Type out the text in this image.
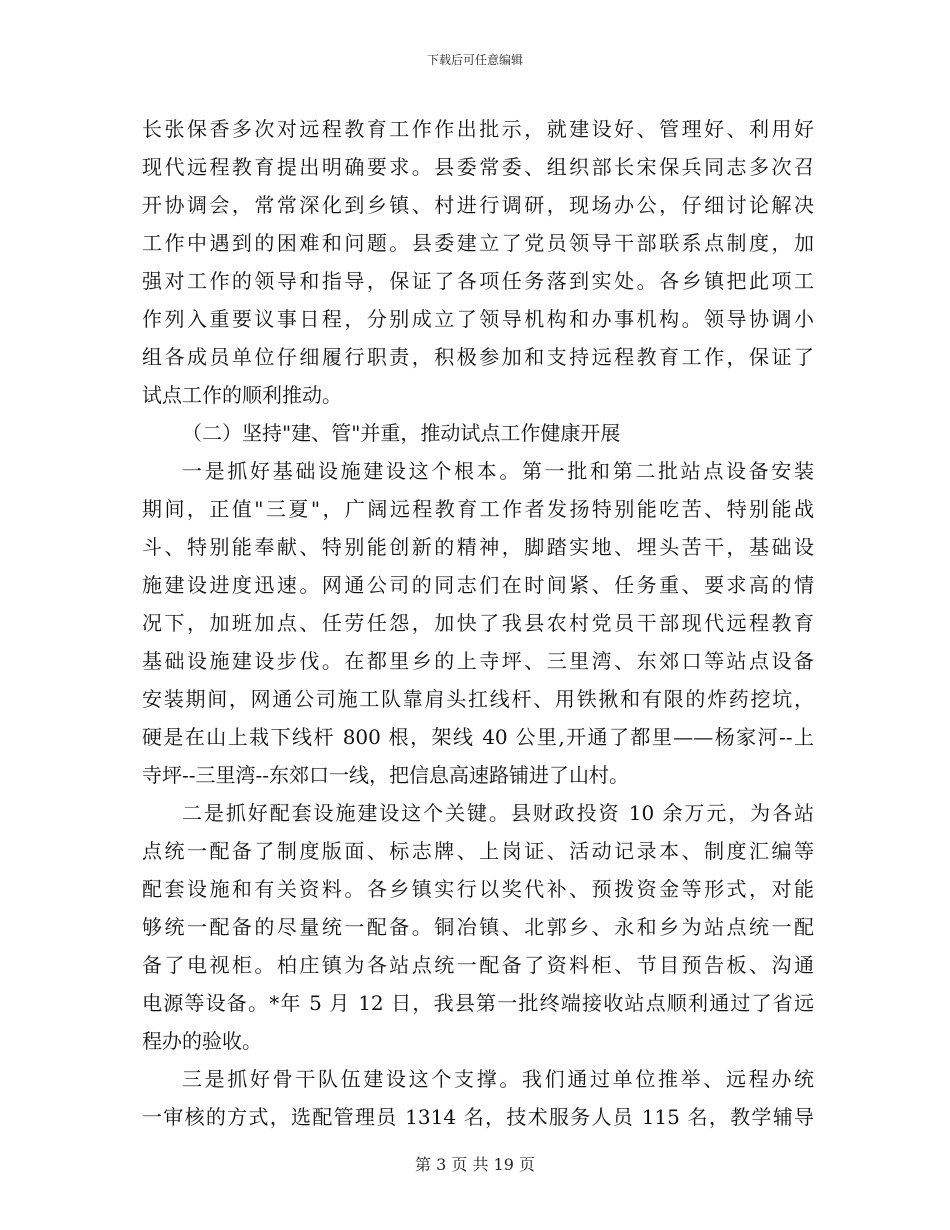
下载后可任意编辑
长张保香多次对远程教育工作作出批示，就建设好、管理好、利用好
现代远程教育提出明确要求。县委常委、组织部长宋保兵同志多次召
开协调会，常常深化到乡镇、村进行调研，现场办公，仔细讨论解决
工作中遇到的困难和问题。县委建立了党员领导干部联系点制度，加
强对工作的领导和指导，保证了各项任务落到实处。各乡镇把此项工
作列入重要议事日程，分别成立了领导机构和办事机构。领导协调小
组各成员单位仔细履行职责，积极参加和支持远程教育工作，保证了
试点工作的顺利推动。
（二）坚持"建、管"并重，推动试点工作健康开展
一是抓好基础设施建设这个根本。第一批和第二批站点设备安装
期间，正值"三夏"，广阔远程教育工作者发扬特别能吃苦、特别能战
斗、特别能奉献、特别能创新的精神，脚踏实地、埋头苦干，基础设
施建设进度迅速。网通公司的同志们在时间紧、任务重、要求高的情
况下，加班加点、任劳任怨，加快了我县农村党员干部现代远程教育
基础设施建设步伐。在都里乡的上寺坪、三里湾、东郊口等站点设备
安装期间，网通公司施工队靠肩头扛线杆、用铁揪和有限的炸药挖坑，
硬是在山上栽下线杆 800 根，架线 40 公里,开通了都里——杨家河--上
寺坪--三里湾--东郊口一线，把信息高速路铺进了山村。
二是抓好配套设施建设这个关键。县财政投资 10 余万元，为各站
点统一配备了制度版面、标志牌、上岗证、活动记录本、制度汇编等
配套设施和有关资料。各乡镇实行以奖代补、预拨资金等形式，对能
够统一配备的尽量统一配备。铜冶镇、北郭乡、永和乡为站点统一配
备了电视柜。柏庄镇为各站点统一配备了资料柜、节目预告板、沟通
电源等设备。*年 5 月 12 日，我县第一批终端接收站点顺利通过了省远
程办的验收。
三是抓好骨干队伍建设这个支撑。我们通过单位推举、远程办统
一审核的方式，选配管理员 1314 名，技术服务人员 115 名，教学辅导
第 3 页 共 19 页
